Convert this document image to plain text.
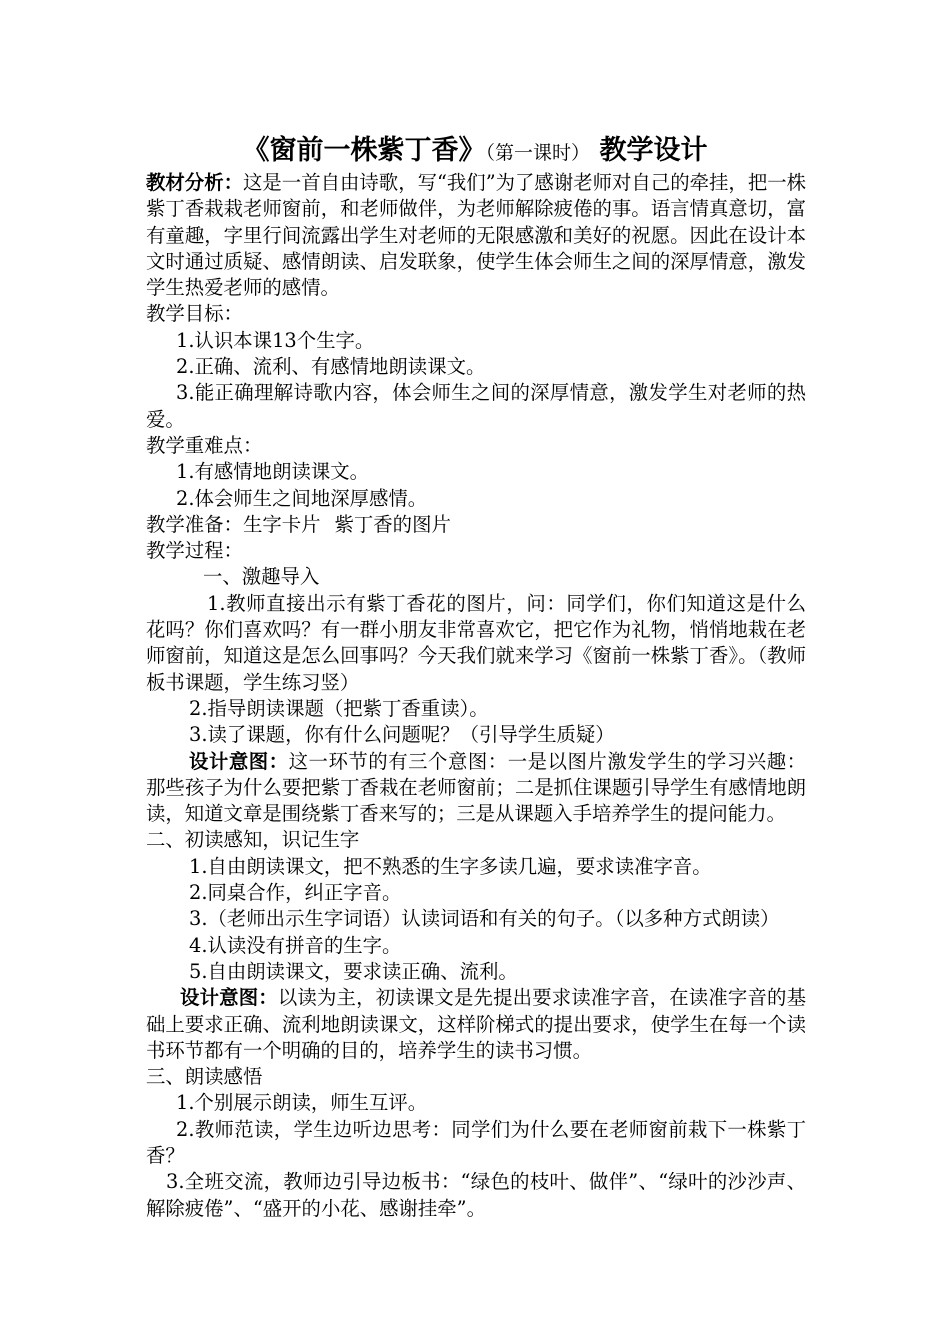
《窗前一株紫丁香》（第一课时） 教学设计

教材分析：这是一首自由诗歌，写“我们”为了感谢老师对自己的牵挂，把一株紫丁香栽栽老师窗前，和老师做伴，为老师解除疲倦的事。语言情真意切，富有童趣，字里行间流露出学生对老师的无限感激和美好的祝愿。因此在设计本文时通过质疑、感情朗读、启发联象，使学生体会师生之间的深厚情意，激发学生热爱老师的感情。

教学目标：

1.认识本课13个生字。

2.正确、流利、有感情地朗读课文。

3.能正确理解诗歌内容，体会师生之间的深厚情意，激发学生对老师的热爱。

教学重难点：

1.有感情地朗读课文。

2.体会师生之间地深厚感情。

教学准备：生字卡片 紫丁香的图片

教学过程：

一、激趣导入

1.教师直接出示有紫丁香花的图片，问：同学们，你们知道这是什么花吗？你们喜欢吗？有一群小朋友非常喜欢它，把它作为礼物，悄悄地栽在老师窗前，知道这是怎么回事吗？今天我们就来学习《窗前一株紫丁香》。（教师板书课题，学生练习竖）

2.指导朗读课题（把紫丁香重读）。

3.读了课题，你有什么问题呢？（引导学生质疑）

设计意图：这一环节的有三个意图：一是以图片激发学生的学习兴趣：那些孩子为什么要把紫丁香栽在老师窗前；二是抓住课题引导学生有感情地朗读，知道文章是围绕紫丁香来写的；三是从课题入手培养学生的提问能力。

二、初读感知，识记生字

1.自由朗读课文，把不熟悉的生字多读几遍，要求读准字音。

2.同桌合作，纠正字音。

3.（老师出示生字词语）认读词语和有关的句子。（以多种方式朗读）

4.认读没有拼音的生字。

5.自由朗读课文，要求读正确、流利。

设计意图：以读为主，初读课文是先提出要求读准字音，在读准字音的基础上要求正确、流利地朗读课文，这样阶梯式的提出要求，使学生在每一个读书环节都有一个明确的目的，培养学生的读书习惯。

三、朗读感悟

1.个别展示朗读，师生互评。

2.教师范读，学生边听边思考：同学们为什么要在老师窗前栽下一株紫丁香？

3.全班交流，教师边引导边板书：“绿色的枝叶、做伴”、“绿叶的沙沙声、解除疲倦”、“盛开的小花、感谢挂牵”。
